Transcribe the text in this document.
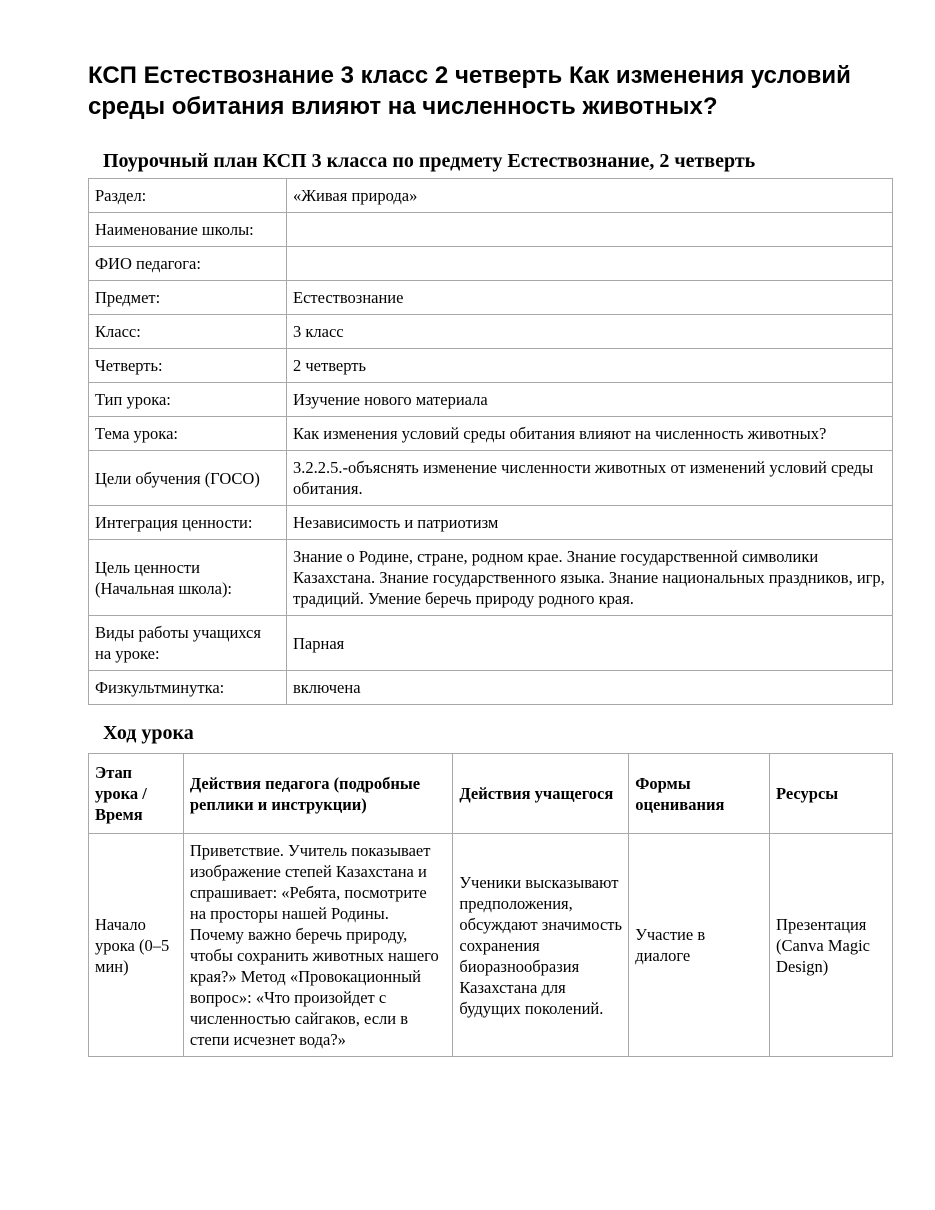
КСП Естествознание 3 класс 2 четверть Как изменения условий среды обитания влияют на численность животных?
Поурочный план КСП 3 класса по предмету Естествознание, 2 четверть
Раздел:	«Живая природа»
Наименование школы:	
ФИО педагога:	
Предмет:	Естествознание
Класс:	3 класс
Четверть:	2 четверть
Тип урока:	Изучение нового материала
Тема урока:	Как изменения условий среды обитания влияют на численность животных?
Цели обучения (ГОСО)	3.2.2.5.-объяснять изменение численности животных от изменений условий среды обитания.
Интеграция ценности:	Независимость и патриотизм
Цель ценности (Начальная школа):	Знание о Родине, стране, родном крае. Знание государственной символики Казахстана. Знание государственного языка. Знание национальных праздников, игр, традиций. Умение беречь природу родного края.
Виды работы учащихся на уроке:	Парная
Физкультминутка:	включена
Ход урока
Этап урока / Время	Действия педагога (подробные реплики и инструкции)	Действия учащегося	Формы оценивания	Ресурсы
Начало урока (0–5 мин)	Приветствие. Учитель показывает изображение степей Казахстана и спрашивает: «Ребята, посмотрите на просторы нашей Родины. Почему важно беречь природу, чтобы сохранить животных нашего края?» Метод «Провокационный вопрос»: «Что произойдет с численностью сайгаков, если в степи исчезнет вода?»	Ученики высказывают предположения, обсуждают значимость сохранения биоразнообразия Казахстана для будущих поколений.	Участие в диалоге	Презентация (Canva Magic Design)
